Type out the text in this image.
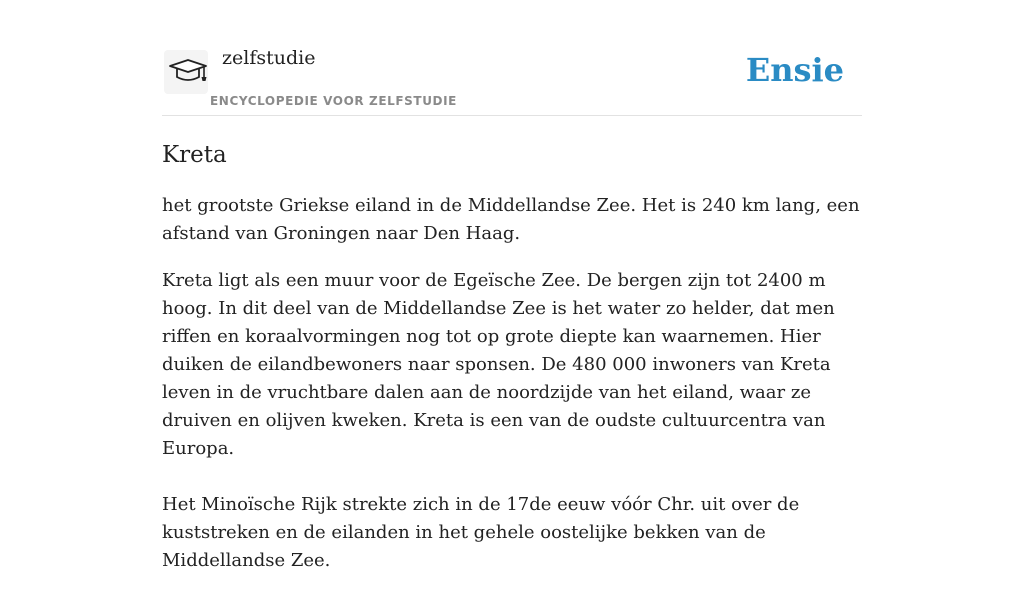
zelfstudie
ENCYCLOPEDIE VOOR ZELFSTUDIE
Ensie
Kreta

het grootste Griekse eiland in de Middellandse Zee. Het is 240 km lang, een afstand van Groningen naar Den Haag.

Kreta ligt als een muur voor de Egeïsche Zee. De bergen zijn tot 2400 m hoog. In dit deel van de Middellandse Zee is het water zo helder, dat men riffen en koraalvormingen nog tot op grote diepte kan waarnemen. Hier duiken de eilandbewoners naar sponsen. De 480 000 inwoners van Kreta leven in de vruchtbare dalen aan de noordzijde van het eiland, waar ze druiven en olijven kweken. Kreta is een van de oudste cultuurcentra van Europa.

Het Minoïsche Rijk strekte zich in de 17de eeuw vóór Chr. uit over de kuststreken en de eilanden in het gehele oostelijke bekken van de Middellandse Zee.
